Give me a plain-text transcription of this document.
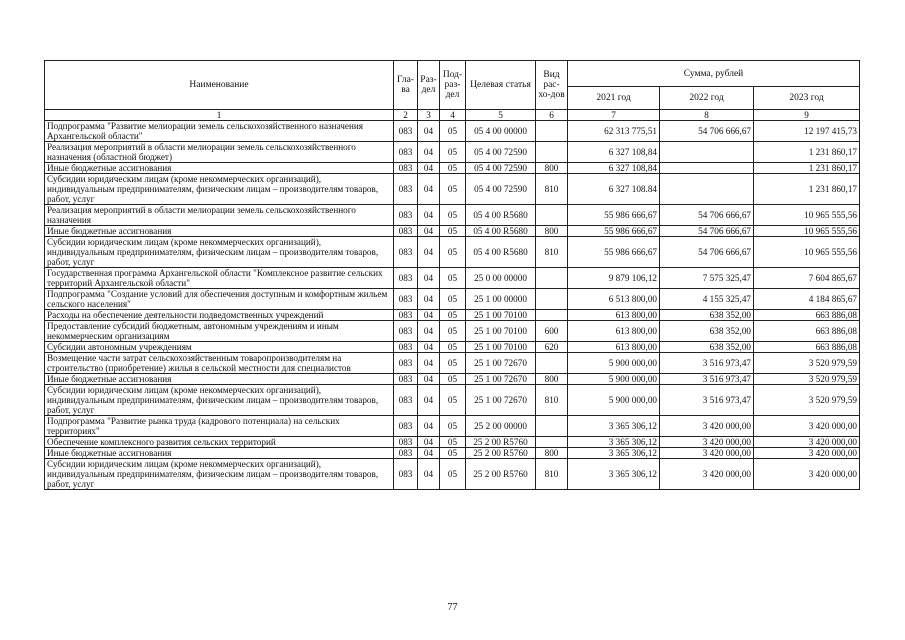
Наименование	Гла-ва	Раз-дел	Под-раз-дел	Целевая статья	Вид рас-хо-дов	Сумма, рублей		
						2021 год	2022 год	2023 год
1	2	3	4	5	6	7	8	9
Подпрограмма "Развитие мелиорации земель сельскохозяйственного назначения Архангельской области"	083	04	05	05 4 00 00000		62 313 775,51	54 706 666,67	12 197 415,73
Реализация мероприятий в области мелиорации земель сельскохозяйственного назначения (областной бюджет)	083	04	05	05 4 00 72590		6 327 108,84		1 231 860,17
Иные бюджетные ассигнования	083	04	05	05 4 00 72590	800	6 327 108,84		1 231 860,17
Субсидии юридическим лицам (кроме некоммерческих организаций), индивидуальным предпринимателям, физическим лицам – производителям товаров, работ, услуг	083	04	05	05 4 00 72590	810	6 327 108.84		1 231 860,17
Реализация мероприятий в области мелиорации земель сельскохозяйственного назначения	083	04	05	05 4 00 R5680		55 986 666,67	54 706 666,67	10 965 555,56
Иные бюджетные ассигнования	083	04	05	05 4 00 R5680	800	55 986 666,67	54 706 666,67	10 965 555,56
Субсидии юридическим лицам (кроме некоммерческих организаций), индивидуальным предпринимателям, физическим лицам – производителям товаров, работ, услуг	083	04	05	05 4 00 R5680	810	55 986 666,67	54 706 666,67	10 965 555,56
Государственная программа Архангельской области "Комплексное развитие сельских территорий Архангельской области"	083	04	05	25 0 00 00000		9 879 106,12	7 575 325,47	7 604 865,67
Подпрограмма "Создание условий для обеспечения доступным и комфортным жильем сельского населения"	083	04	05	25 1 00 00000		6 513 800,00	4 155 325,47	4 184 865,67
Расходы на обеспечение деятельности подведомственных учреждений	083	04	05	25 1 00 70100		613 800,00	638 352,00	663 886,08
Предоставление субсидий бюджетным, автономным учреждениям и иным некоммерческим организациям	083	04	05	25 1 00 70100	600	613 800,00	638 352,00	663 886,08
Субсидии автономным учреждениям	083	04	05	25 1 00 70100	620	613 800,00	638 352,00	663 886,08
Возмещение части затрат сельскохозяйственным товаропроизводителям на строительство (приобретение) жилья в сельской местности для специалистов	083	04	05	25 1 00 72670		5 900 000,00	3 516 973,47	3 520 979,59
Иные бюджетные ассигнования	083	04	05	25 1 00 72670	800	5 900 000,00	3 516 973,47	3 520 979,59
Субсидии юридическим лицам (кроме некоммерческих организаций), индивидуальным предпринимателям, физическим лицам – производителям товаров, работ, услуг	083	04	05	25 1 00 72670	810	5 900 000,00	3 516 973,47	3 520 979,59
Подпрограмма "Развитие рынка труда (кадрового потенциала) на сельских территориях"	083	04	05	25 2 00 00000		3 365 306,12	3 420 000,00	3 420 000,00
Обеспечение комплексного развития сельских территорий	083	04	05	25 2 00 R5760		3 365 306,12	3 420 000,00	3 420 000,00
Иные бюджетные ассигнования	083	04	05	25 2 00 R5760	800	3 365 306,12	3 420 000,00	3 420 000,00
Субсидии юридическим лицам (кроме некоммерческих организаций), индивидуальным предпринимателям, физическим лицам – производителям товаров, работ, услуг	083	04	05	25 2 00 R5760	810	3 365 306,12	3 420 000,00	3 420 000,00
77
